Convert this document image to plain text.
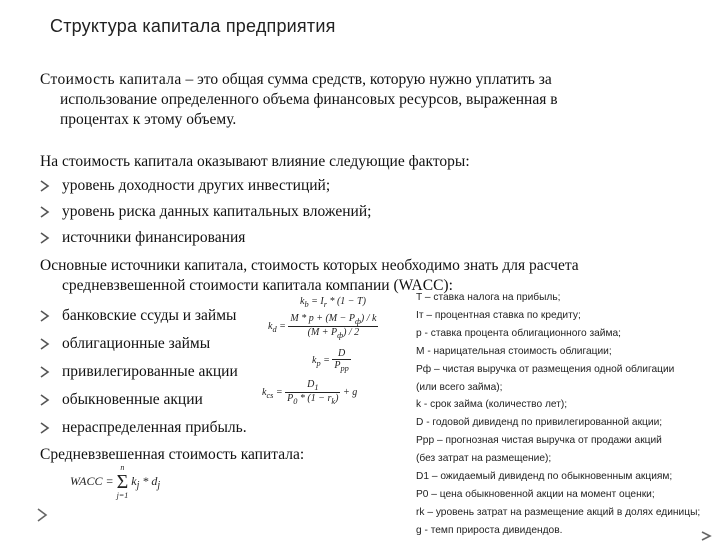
Структура капитала предприятия
Стоимость капитала – это общая сумма средств, которую нужно уплатить за
использование определенного объема финансовых ресурсов, выраженная в
процентах к этому объему.
На стоимость капитала оказывают влияние следующие факторы:
уровень доходности других инвестиций;
уровень риска данных капитальных вложений;
источники финансирования
Основные источники капитала, стоимость которых необходимо знать для расчета
средневзвешенной стоимости капитала компании (WACC):
банковские ссуды и займы
облигационные займы
привилегированные акции
обыкновенные акции
нераспределенная прибыль.
Средневзвешенная стоимость капитала:
$k_b = I_r * (1 - T)$
$k_d = \frac{M * p + (M - P_ф) / k}{(M + P_ф) / 2}$
$k_p = \frac{D}{P_{pp}}$
$k_{cs} = \frac{D_1}{P_0 * (1 - r_k)} + g$
WACC =
n
Σ
j=1
$k_j * d_j$
T – ставка налога на прибыль;
Iт – процентная ставка по кредиту;
p - ставка процента облигационного займа;
М - нарицательная стоимость облигации;
Рф – чистая выручка от размещения одной облигации
(или всего займа);
k - срок займа (количество лет);
D - годовой дивиденд по привилегированной акции;
Ppp – прогнозная чистая выручка от продажи акций
(без затрат на размещение);
D1 – ожидаемый дивиденд по обыкновенным акциям;
P0 – цена обыкновенной акции на момент оценки;
rk – уровень затрат на размещение акций в долях единицы;
g - темп прироста дивидендов.
